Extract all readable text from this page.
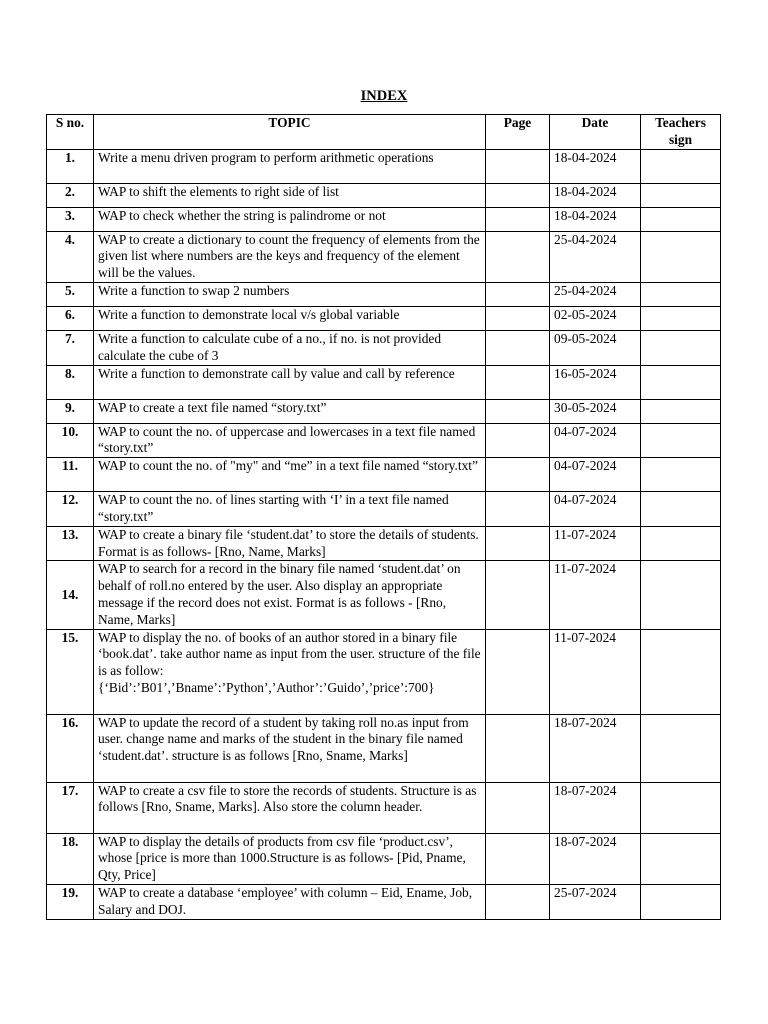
INDEX
S no.	TOPIC	Page	Date	Teachers sign
1.	Write a menu driven program to perform arithmetic operations		18-04-2024	
2.	WAP to shift the elements to right side of list		18-04-2024	
3.	WAP to check whether the string is palindrome or not		18-04-2024	
4.	WAP to create a dictionary to count the frequency of elements from the given list where numbers are the keys and frequency of the element will be the values.		25-04-2024	
5.	Write a function to swap 2 numbers		25-04-2024	
6.	Write a function to demonstrate local v/s global variable		02-05-2024	
7.	Write a function to calculate cube of a no., if no. is not provided calculate the cube of 3		09-05-2024	
8.	Write a function to demonstrate call by value and call by reference		16-05-2024	
9.	WAP to create a text file named “story.txt”		30-05-2024	
10.	WAP to count the no. of uppercase and lowercases in a text file named “story.txt”		04-07-2024	
11.	WAP to count the no. of "my" and “me” in a text file named “story.txt”		04-07-2024	
12.	WAP to count the no. of lines starting with ‘I’ in a text file named “story.txt”		04-07-2024	
13.	WAP to create a binary file ‘student.dat’ to store the details of students. Format is as follows- [Rno, Name, Marks]		11-07-2024	
14.	WAP to search for a record in the binary file named ‘student.dat’ on behalf of roll.no entered by the user. Also display an appropriate message if the record does not exist. Format is as follows - [Rno, Name, Marks]		11-07-2024	
15.	WAP to display the no. of books of an author stored in a binary file ‘book.dat’. take author name as input from the user. structure of the file is as follow: {‘Bid’:’B01’,’Bname’:’Python’,’Author’:’Guido’,’price’:700}		11-07-2024	
16.	WAP to update the record of a student by taking roll no.as input from user. change name and marks of the student in the binary file named ‘student.dat’. structure is as follows [Rno, Sname, Marks]		18-07-2024	
17.	WAP to create a csv file to store the records of students. Structure is as follows [Rno, Sname, Marks]. Also store the column header.		18-07-2024	
18.	WAP to display the details of products from csv file ‘product.csv’, whose [price is more than 1000.Structure is as follows- [Pid, Pname, Qty, Price]		18-07-2024	
19.	WAP to create a database ‘employee’ with column – Eid, Ename, Job, Salary and DOJ.		25-07-2024	
